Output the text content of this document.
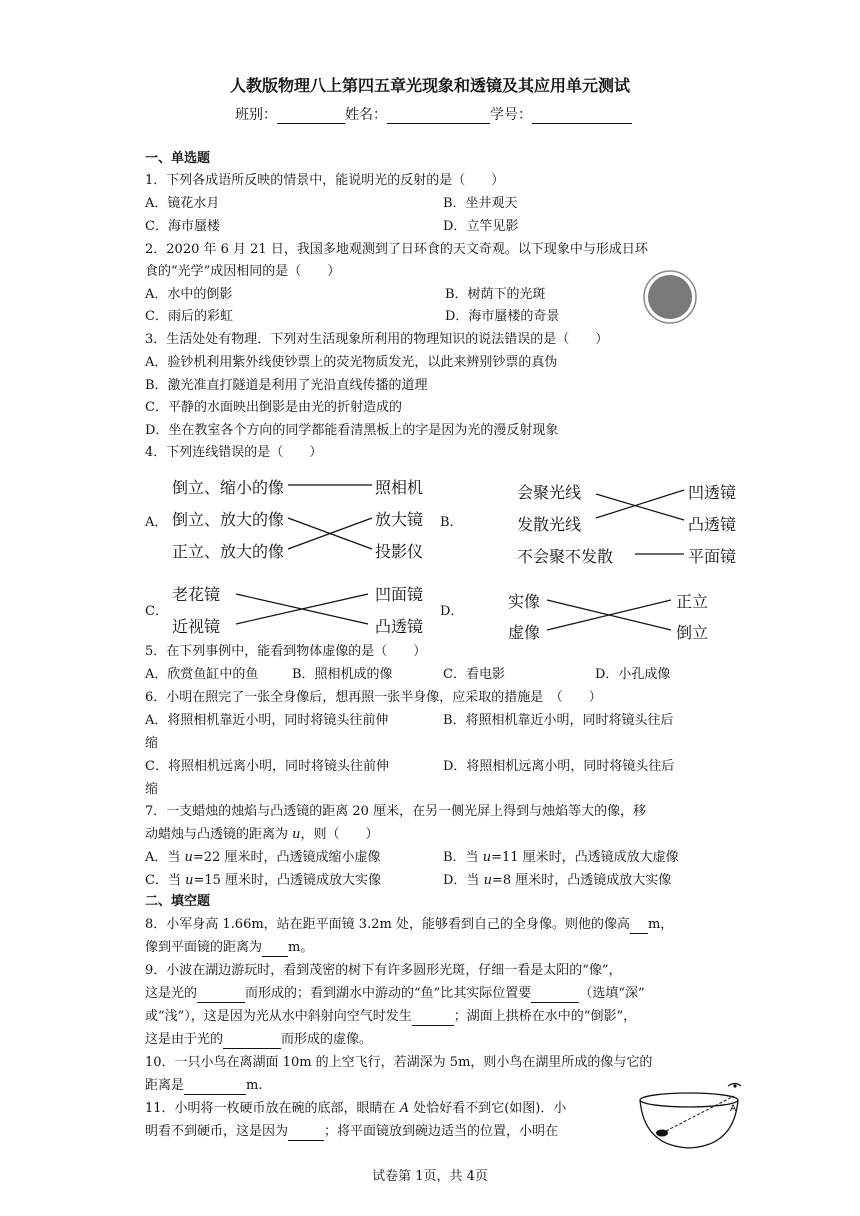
人教版物理八上第四五章光现象和透镜及其应用单元测试
班别：	姓名：	学号：
一、单选题
1．下列各成语所反映的情景中，能说明光的反射的是（　　）
A．镜花水月	B．坐井观天
C．海市蜃楼	D．立竿见影
2．2020 年 6 月 21 日，我国多地观测到了日环食的天文奇观。以下现象中与形成日环
食的“光学”成因相同的是（　　）
A．水中的倒影	B．树荫下的光斑
C．雨后的彩虹	D．海市蜃楼的奇景
3．生活处处有物理．下列对生活现象所利用的物理知识的说法错误的是（　　）
A．验钞机利用紫外线使钞票上的荧光物质发光，以此来辨别钞票的真伪
B．激光准直打隧道是利用了光沿直线传播的道理
C．平静的水面映出倒影是由光的折射造成的
D．坐在教室各个方向的同学都能看清黑板上的字是因为光的漫反射现象
4．下列连线错误的是（　　）
A．
倒立、缩小的像
倒立、放大的像
正立、放大的像
照相机
放大镜
投影仪
B．
会聚光线
发散光线
不会聚不发散
凹透镜
凸透镜
平面镜
C．
老花镜
近视镜
凹面镜
凸透镜
D．
实像
虚像
正立
倒立
5．在下列事例中，能看到物体虚像的是（　　）
A．欣赏鱼缸中的鱼	B．照相机成的像	C．看电影	D．小孔成像
6．小明在照完了一张全身像后，想再照一张半身像，应采取的措施是　（　　）
A．将照相机靠近小明，同时将镜头往前伸	B．将照相机靠近小明，同时将镜头往后
缩
C．将照相机远离小明，同时将镜头往前伸	D．将照相机远离小明，同时将镜头往后
缩
7．一支蜡烛的烛焰与凸透镜的距离 20 厘米，在另一侧光屏上得到与烛焰等大的像，移
动蜡烛与凸透镜的距离为 u，则（　　）
A．当 u=22 厘米时，凸透镜成缩小虚像	B．当 u=11 厘米时，凸透镜成放大虚像
C．当 u=15 厘米时，凸透镜成放大实像	D．当 u=8 厘米时，凸透镜成放大实像
二、填空题
8．小军身高 1.66m，站在距平面镜 3.2m 处，能够看到自己的全身像。则他的像高 m，
像到平面镜的距离为 m。
9．小波在湖边游玩时，看到茂密的树下有许多圆形光斑，仔细一看是太阳的“像”，
这是光的	而形成的；看到湖水中游动的“鱼”比其实际位置要	（选填“深”
或“浅”），这是因为光从水中斜射向空气时发生	；湖面上拱桥在水中的“倒影”，
这是由于光的	而形成的虚像。
10．一只小鸟在离湖面 10m 的上空飞行，若湖深为 5m，则小鸟在湖里所成的像与它的
距离是	m.
11．小明将一枚硬币放在碗的底部，眼睛在 A 处恰好看不到它(如图)．小
明看不到硬币，这是因为	；将平面镜放到碗边适当的位置，小明在
A
试卷第 1页，共 4页
